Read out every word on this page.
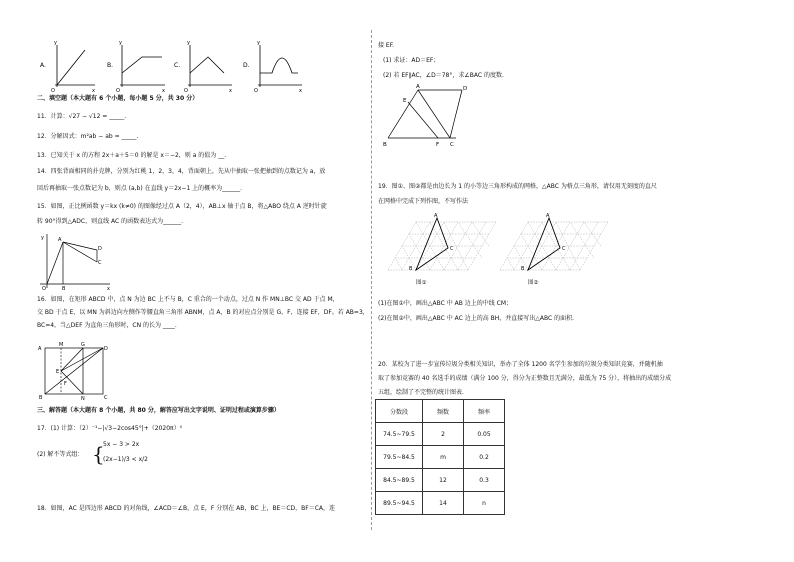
A.
O	x
y
B.
O	x
y
C.
O	x
y
D.
O	x
y
二、填空题（本大题有 6 个小题，每小题 5 分，共 30 分）
11．计算：√27 − √12 = _____.
12．分解因式：m²ab − ab = _____.
13．已知关于 x 的方程 2x＋a＋5＝0 的解是 x＝−2，则 a 的值为 __.
14．四张背面相同的扑克牌，分别为红桃 1，2，3，4，背面朝上，先从中抽取一张把抽到的点数记为 a，放
回后再抽取一张点数记为 b，则点 (a,b) 在直线 y＝2x−1 上的概率为______.
15．如图，正比例函数 y＝kx (k≠0) 的图像经过点 A（2，4），AB⊥x 轴于点 B，将△ABO 绕点 A 逆时针旋
转 90°得到△ADC，则直线 AC 的函数表达式为______.
y	A
D
C
O	B	x
16．如图，在矩形 ABCD 中，点 N 为边 BC 上不与 B，C 重合的一个动点，过点 N 作 MN⊥BC 交 AD 于点 M，
交 BD 于点 E，以 MN 为斜边向左侧作等腰直角三角形 ABNM，点 A，B 的对应点分别是 G，F，连接 EF，DF。若 AB=3，
BC=4，当△DEF 为直角三角形时，CN 的长为 ____.
A
M	G
D
E
F
B	N	C
三、解答题（本大题有 8 个小题，共 80 分，解答应写出文字说明、证明过程或演算步骤）
17．(1) 计算：（2）⁻¹−|√3−2cos45°|+（2020π）⁰
(2) 解不等式组： {
5x − 3 > 2x
(2x−1)/3 < x/2
18．如图，AC 是四边形 ABCD 的对角线，∠ACD＝∠B，点 E，F 分别在 AB，BC 上，BE＝CD，BF＝CA，连
接 EF.
(1) 求证：AD＝EF；
(2) 若 EF∥AC，∠D＝78°，求∠BAC 的度数.
A	D
E
B	F C
19．图①、图②都是由边长为 1 的小等边三角形构成的网格，△ABC 为格点三角形，请仅用无刻度的直尺
在网格中完成下列作图，不写作法
A
B
C
A
B
C
图①	图②
(1)在图①中，画出△ABC 中 AB 边上的中线 CM；
(2)在图②中，画出△ABC 中 AC 边上的高 BH，并直接写出△ABC 的面积.
20．某校为了进一步宣传垃圾分类相关知识，举办了全体 1200 名学生参加的垃圾分类知识竞赛，并随机抽
取了参加竞赛的 40 名选手的成绩（满分 100 分，得分为正整数且无满分，最低为 75 分），将抽出的成绩分成
五组，绘制了不完整的统计图表.
分数段	频数	频率
74.5~79.5	2	0.05
79.5~84.5	m	0.2
84.5~89.5	12	0.3
89.5~94.5	14	n
